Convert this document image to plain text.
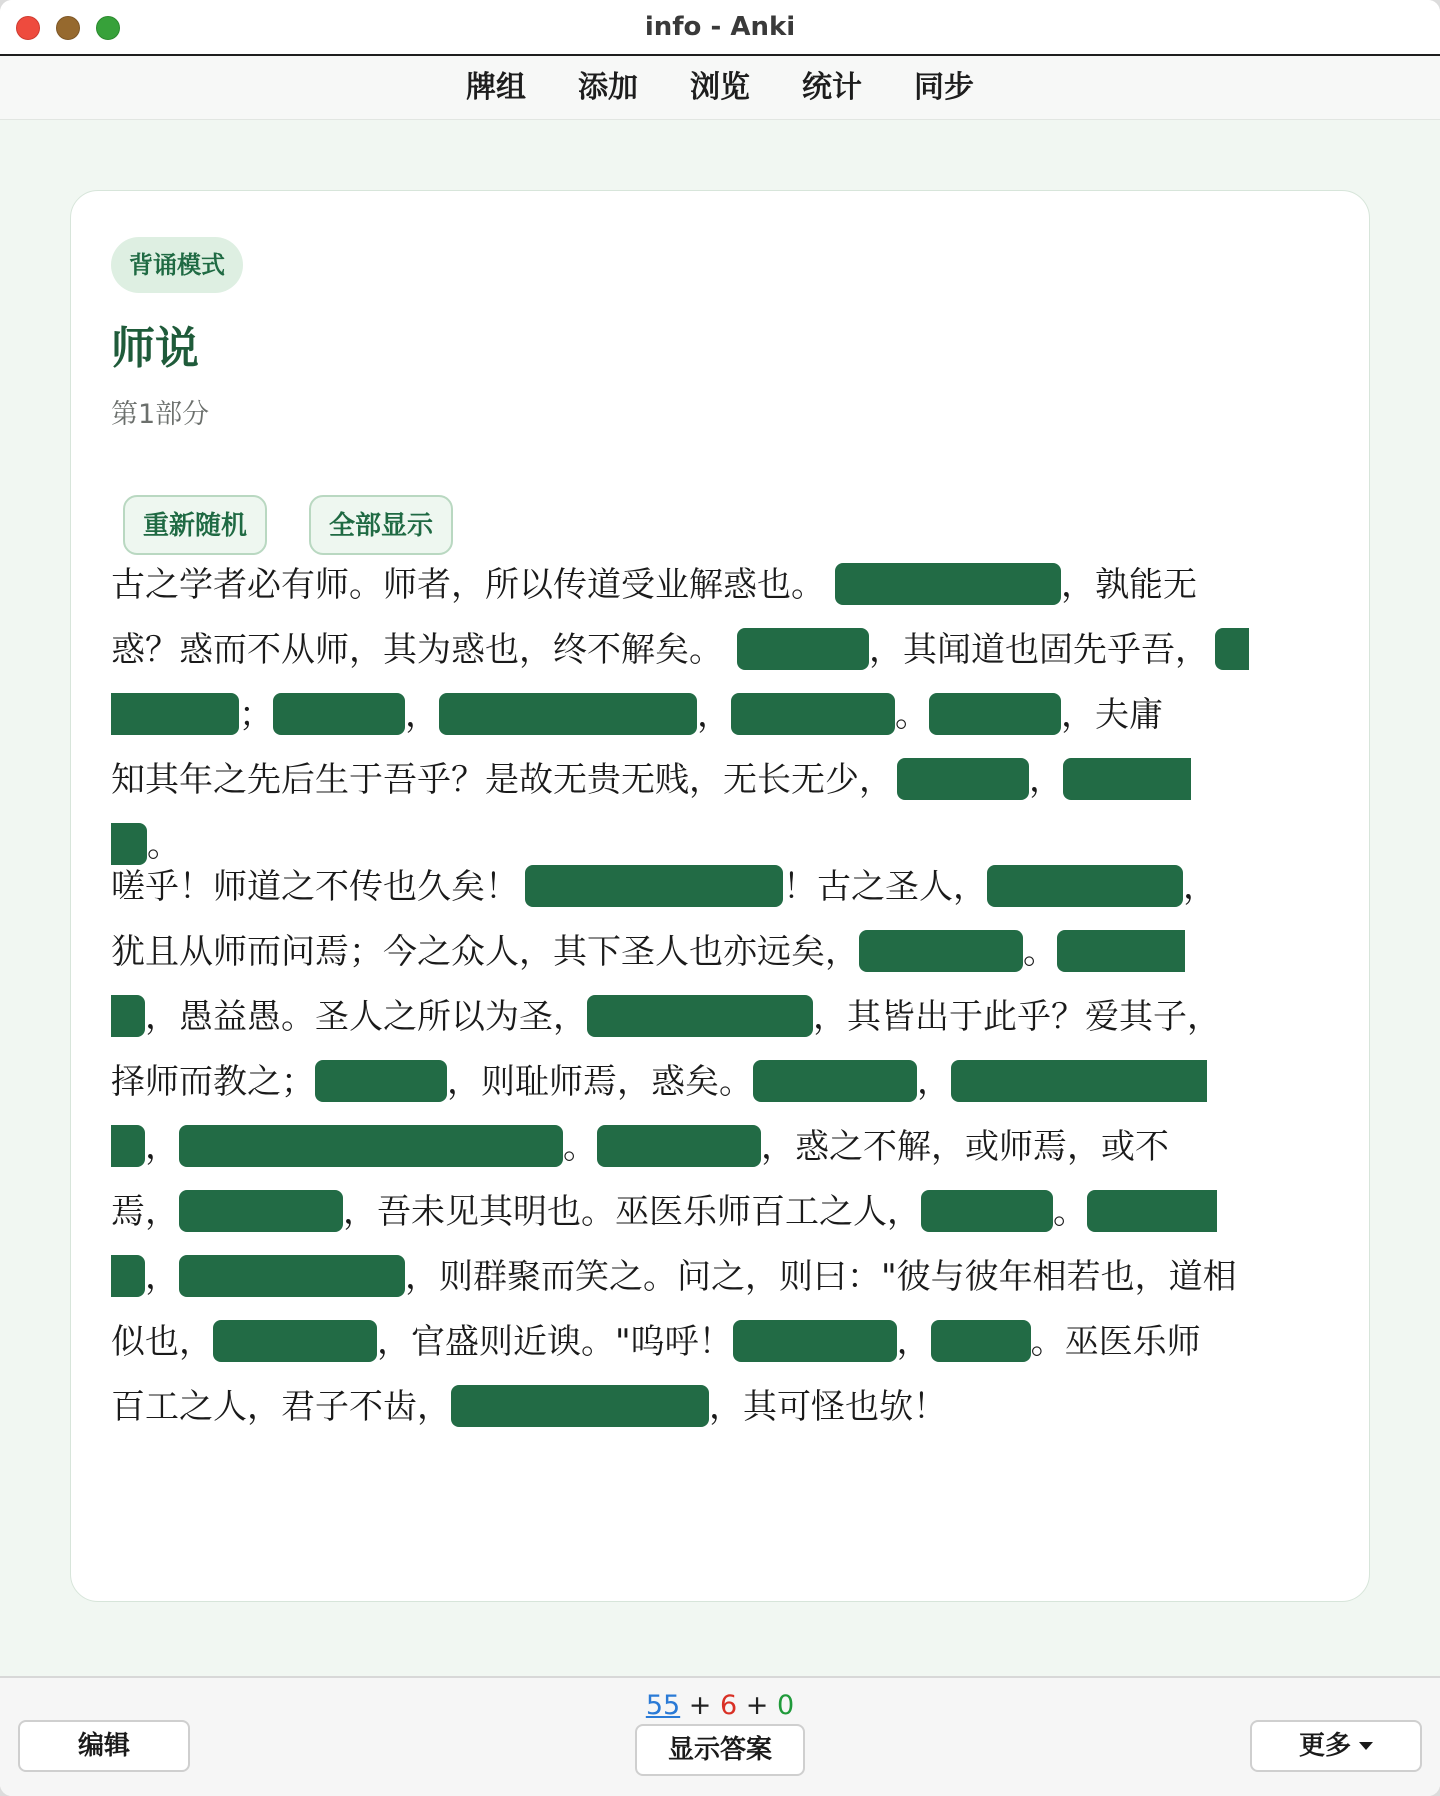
info - Anki
牌组 添加 浏览 统计 同步
背诵模式
师说
第1部分
重新随机	全部显示
古之学者必有师。师者，所以传道受业解惑也。	，孰能无
惑？惑而不从师，其为惑也，终不解矣。	，其闻道也固先乎吾，
；	，	，	。	，夫庸
知其年之先后生于吾乎？是故无贵无贱，无长无少，	，
。
嗟乎！师道之不传也久矣！	！古之圣人，	，
犹且从师而问焉；今之众人，其下圣人也亦远矣，	。
，愚益愚。圣人之所以为圣，	，其皆出于此乎？爱其子，
择师而教之；	，则耻师焉，惑矣。	，
，	。	，惑之不解，或师焉，或不
焉，	，吾未见其明也。巫医乐师百工之人，	。
，	，则群聚而笑之。问之，则曰："彼与彼年相若也，道相
似也，	，官盛则近谀。"呜呼！	，	。巫医乐师
百工之人，君子不齿，	，其可怪也欤！
55 + 6 + 0
编辑	显示答案	更多
